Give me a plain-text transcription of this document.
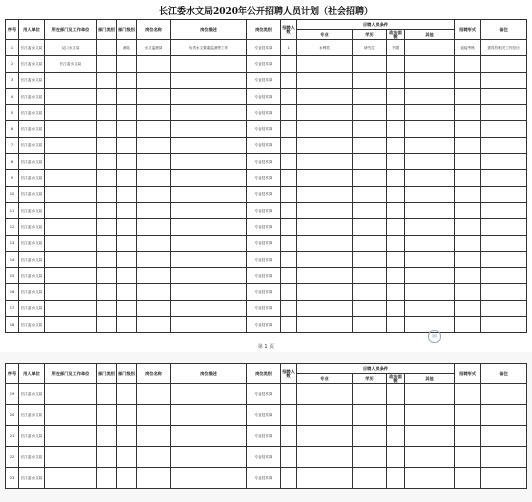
长江委水文局2020年公开招聘人员计划（社会招聘）
序号	用人单位	所在部门及工作单位	部门类别	部门级别	岗位名称	岗位描述	岗位类别	招聘人数	应聘人员条件				招聘形式	备注
									专业	学历	政治面貌	其他		
1	长江委水文局	汉口水文局		测站	水文监测岗	负责水文要素监测等工作	专业技术岗	1	水利类	研究生	不限		直接考核	需具有相关工作经历
2	长江委水文局	长江委水文局					专业技术岗							
3	长江委水文局						专业技术岗							
4	长江委水文局						专业技术岗							
5	长江委水文局						专业技术岗							
6	长江委水文局						专业技术岗							
7	长江委水文局						专业技术岗							
8	长江委水文局						专业技术岗							
9	长江委水文局						专业技术岗							
10	长江委水文局						专业技术岗							
11	长江委水文局						专业技术岗							
12	长江委水文局						专业技术岗							
13	长江委水文局						专业技术岗							
14	长江委水文局						专业技术岗							
15	长江委水文局						专业技术岗							
16	长江委水文局						专业技术岗							
17	长江委水文局						专业技术岗							
18	长江委水文局						专业技术岗							
✉
第 1 页
序号	用人单位	所在部门及工作单位	部门类别	部门级别	岗位名称	岗位描述	岗位类别	招聘人数	应聘人员条件				招聘形式	备注
									专业	学历	政治面貌	其他		
19	长江委水文局						专业技术岗							
20	长江委水文局						专业技术岗							
21	长江委水文局						专业技术岗							
22	长江委水文局						专业技术岗							
23	长江委水文局						专业技术岗							
